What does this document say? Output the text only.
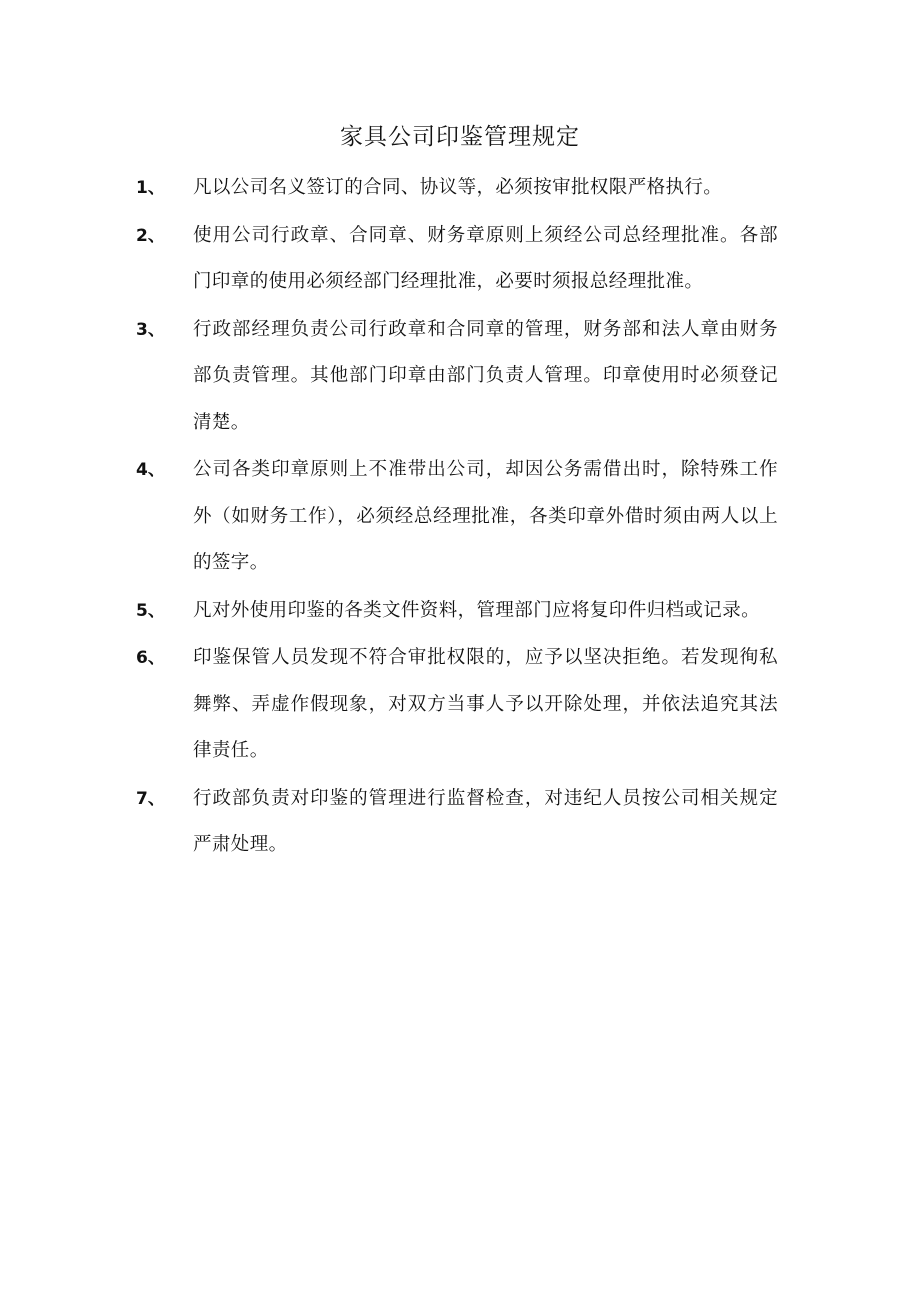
家具公司印鉴管理规定
1、 凡以公司名义签订的合同、协议等，必须按审批权限严格执行。
2、 使用公司行政章、合同章、财务章原则上须经公司总经理批准。各部门印章的使用必须经部门经理批准，必要时须报总经理批准。
3、 行政部经理负责公司行政章和合同章的管理，财务部和法人章由财务部负责管理。其他部门印章由部门负责人管理。印章使用时必须登记清楚。
4、 公司各类印章原则上不准带出公司，却因公务需借出时，除特殊工作外（如财务工作），必须经总经理批准，各类印章外借时须由两人以上的签字。
5、 凡对外使用印鉴的各类文件资料，管理部门应将复印件归档或记录。
6、 印鉴保管人员发现不符合审批权限的，应予以坚决拒绝。若发现徇私舞弊、弄虚作假现象，对双方当事人予以开除处理，并依法追究其法律责任。
7、 行政部负责对印鉴的管理进行监督检查，对违纪人员按公司相关规定严肃处理。
